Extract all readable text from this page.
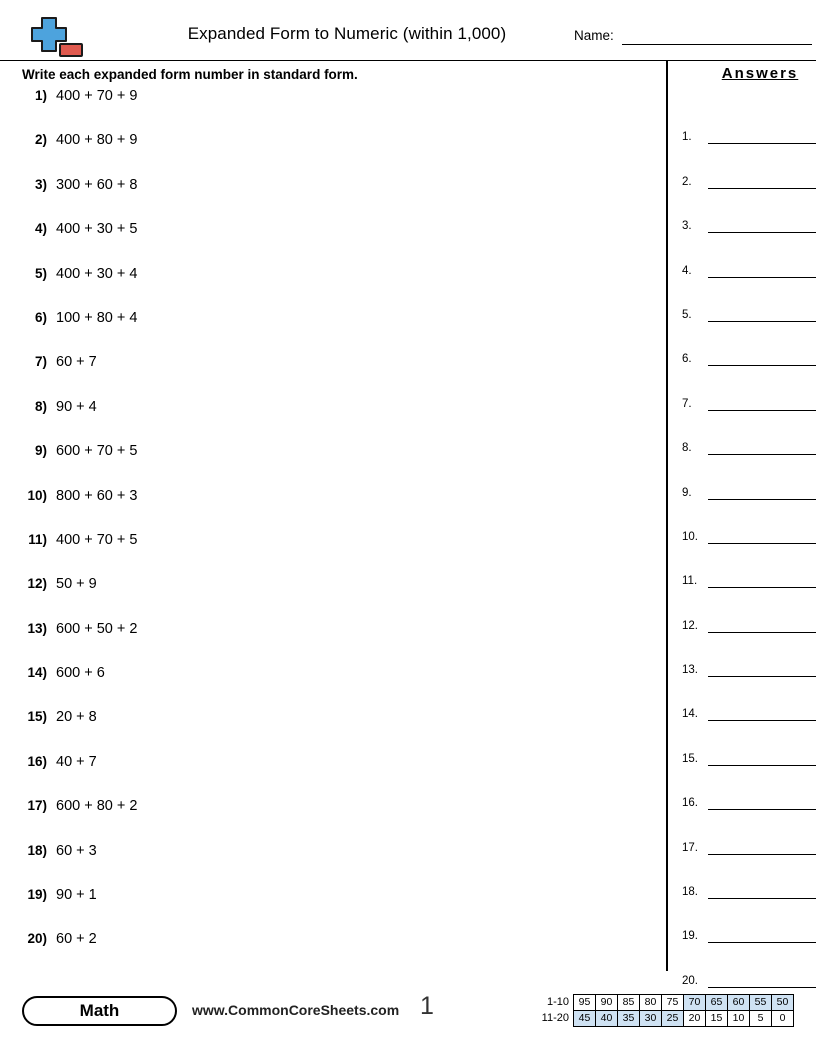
Expanded Form to Numeric (within 1,000)	Name:
Write each expanded form number in standard form.
1) 400 + 70 + 9
2) 400 + 80 + 9
3) 300 + 60 + 8
4) 400 + 30 + 5
5) 400 + 30 + 4
6) 100 + 80 + 4
7) 60 + 7
8) 90 + 4
9) 600 + 70 + 5
10) 800 + 60 + 3
11) 400 + 70 + 5
12) 50 + 9
13) 600 + 50 + 2
14) 600 + 6
15) 20 + 8
16) 40 + 7
17) 600 + 80 + 2
18) 60 + 3
19) 90 + 1
20) 60 + 2
Answers
1.
2.
3.
4.
5.
6.
7.
8.
9.
10.
11.
12.
13.
14.
15.
16.
17.
18.
19.
20.
Math	www.CommonCoreSheets.com 1	1-10	95	90	85	80	75	70	65	60	55	50
11-20	45	40	35	30	25	20	15	10	5	0
